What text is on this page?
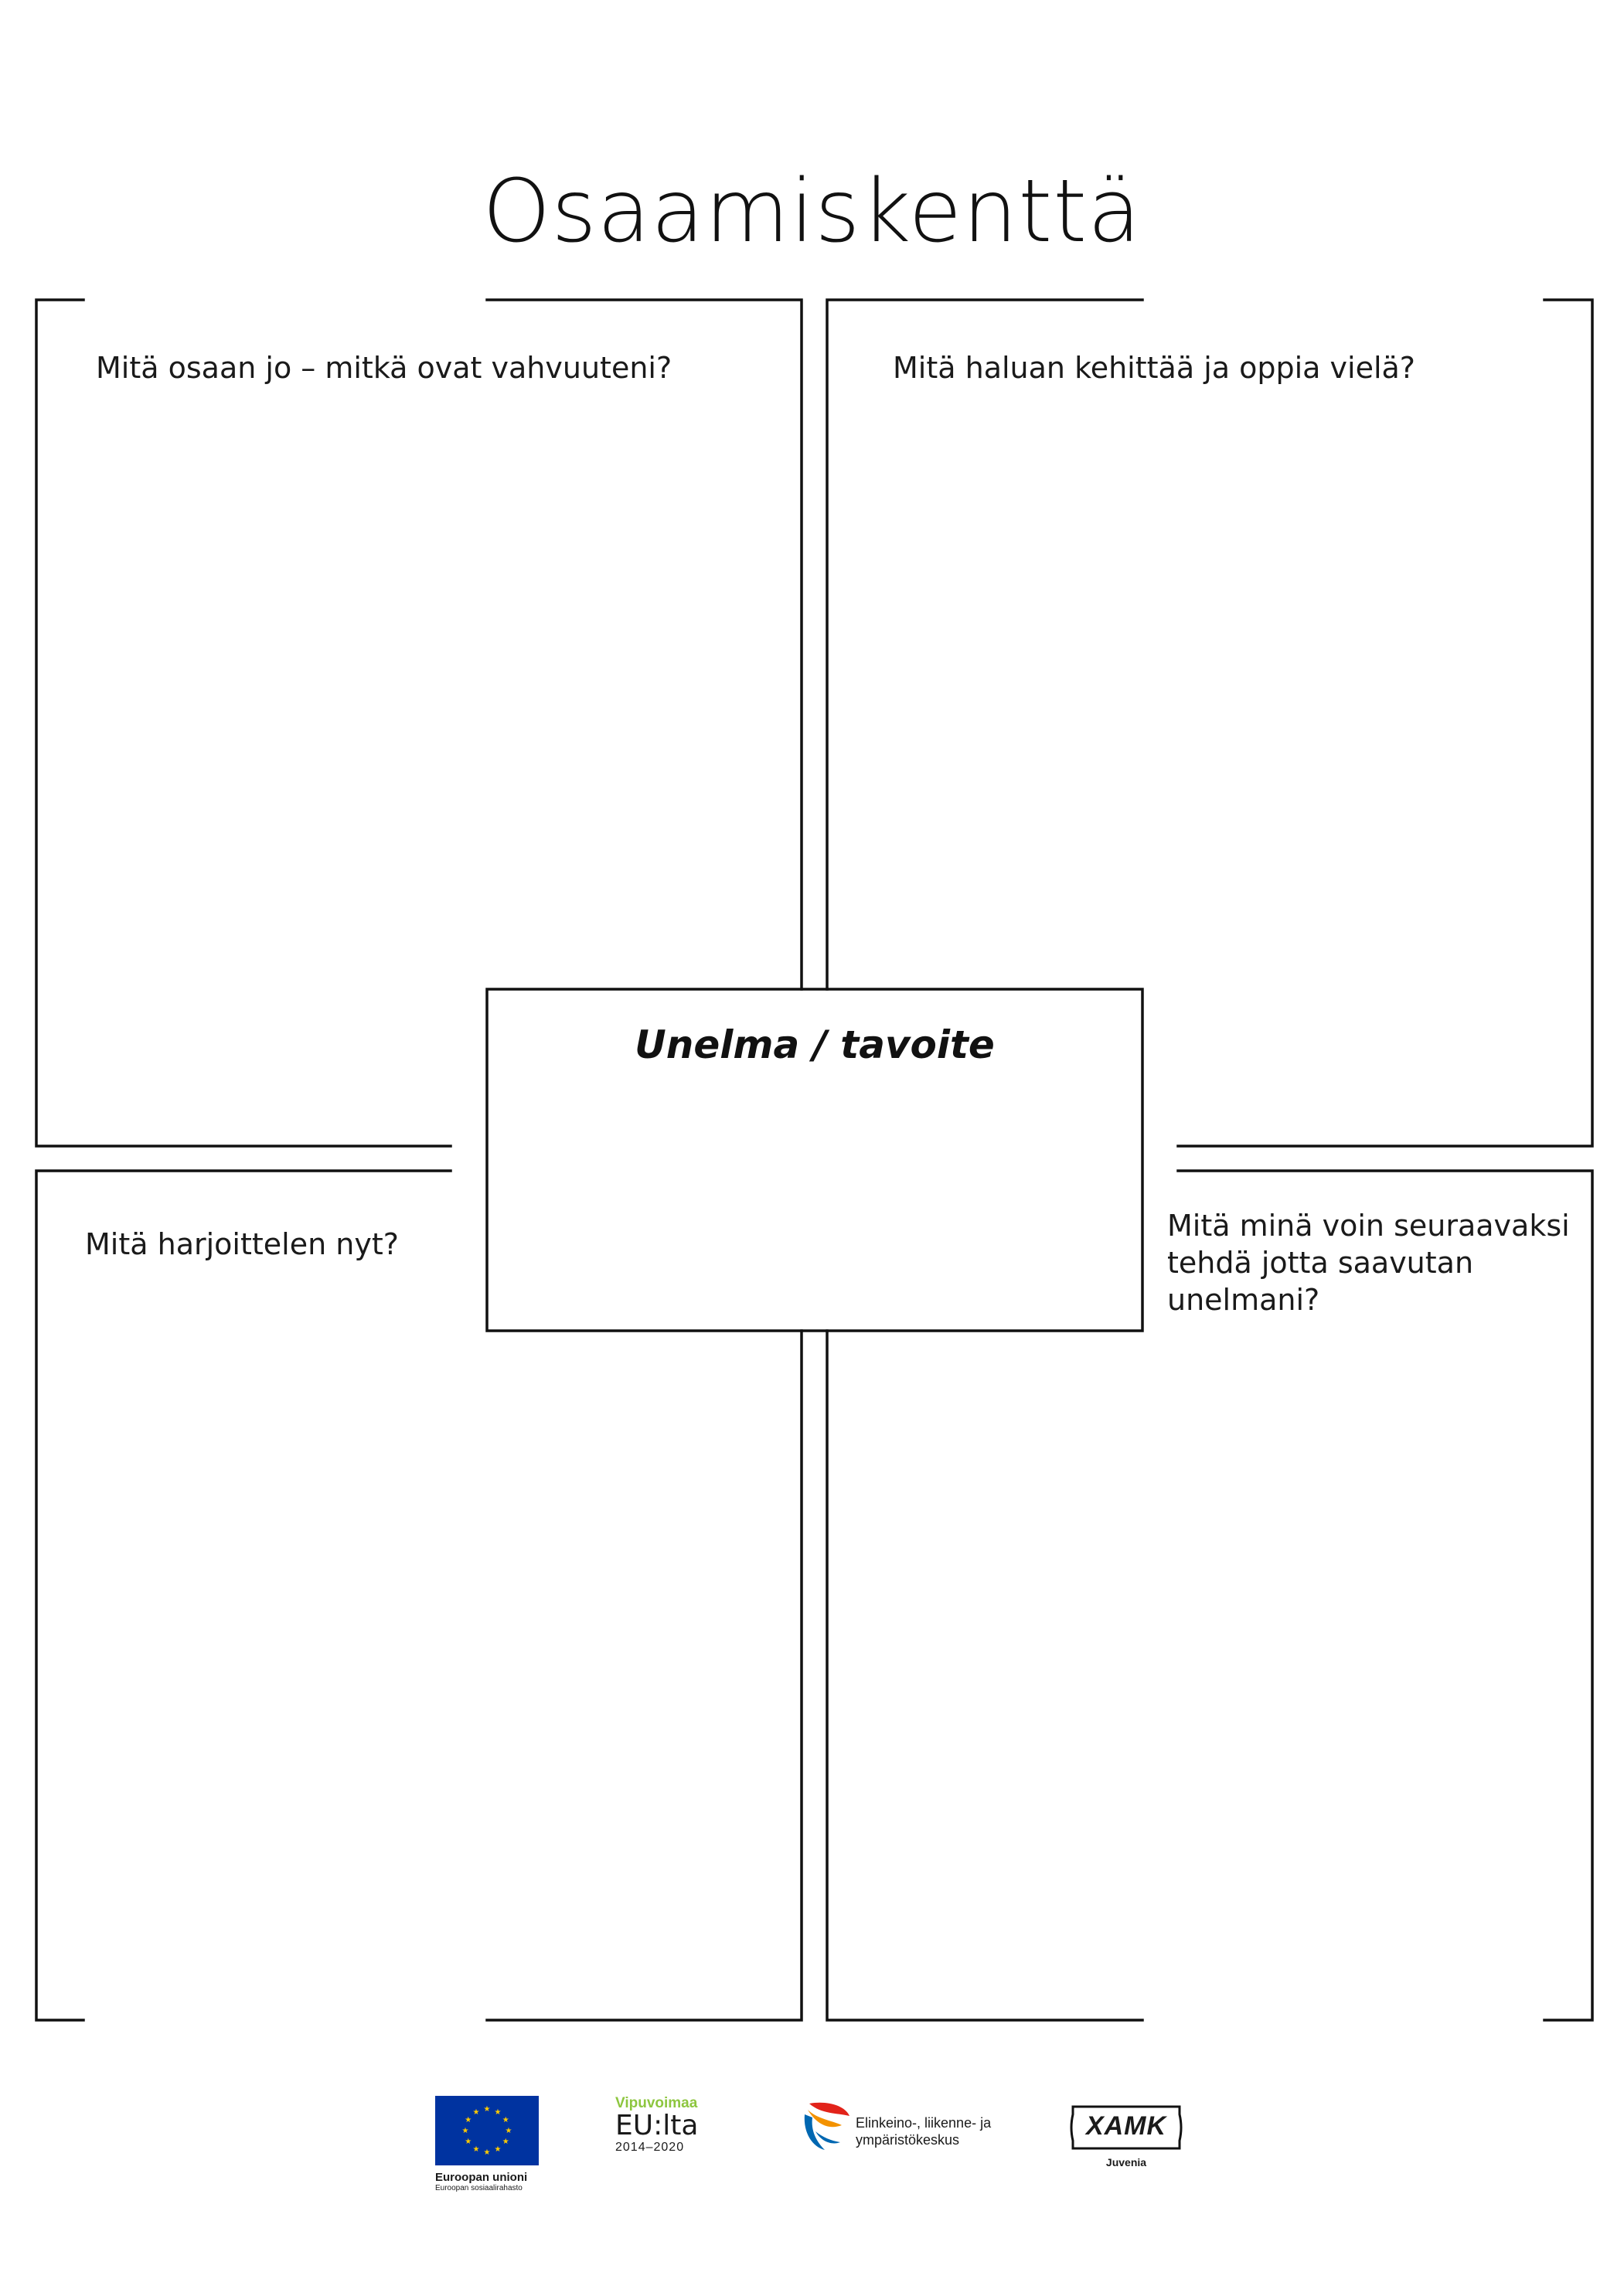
Osaamiskenttä
Mitä osaan jo – mitkä ovat vahvuuteni?	Mitä haluan kehittää ja oppia vielä?
Mitä harjoittelen nyt?
Mitä minä voin seuraavaksi
tehdä jotta saavutan
unelmani?
Unelma / tavoite
★ ★
★
★
★
★
★
★
★
★
★
★
Euroopan unioni
Euroopan sosiaalirahasto
Vipuvoimaa
EU:lta
2014–2020
Elinkeino-, liikenne- ja
ympäristökeskus	XAMK
Juvenia
